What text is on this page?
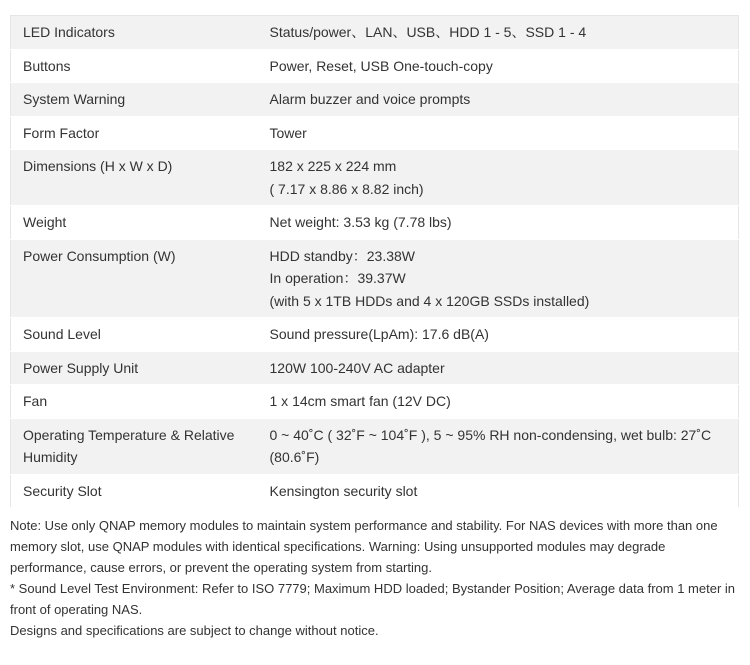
LED Indicators	Status/power、LAN、USB、HDD 1 - 5、SSD 1 - 4

Buttons	Power, Reset, USB One-touch-copy

System Warning	Alarm buzzer and voice prompts

Form Factor	Tower

Dimensions (H x W x D)	182 x 225 x 224 mm
( 7.17 x 8.86 x 8.82 inch)

Weight	Net weight: 3.53 kg (7.78 lbs)

Power Consumption (W)	HDD standby：23.38W
In operation：39.37W
(with 5 x 1TB HDDs and 4 x 120GB SSDs installed)

Sound Level	Sound pressure(LpAm): 17.6 dB(A)

Power Supply Unit	120W 100-240V AC adapter

Fan	1 x 14cm smart fan (12V DC)

Operating Temperature & Relative Humidity	0 ~ 40˚C ( 32˚F ~ 104˚F ), 5 ~ 95% RH non-condensing, wet bulb: 27˚C (80.6˚F)

Security Slot	Kensington security slot
Note: Use only QNAP memory modules to maintain system performance and stability. For NAS devices with more than one memory slot, use QNAP modules with identical specifications. Warning: Using unsupported modules may degrade performance, cause errors, or prevent the operating system from starting.
* Sound Level Test Environment: Refer to ISO 7779; Maximum HDD loaded; Bystander Position; Average data from 1 meter in front of operating NAS.
Designs and specifications are subject to change without notice.
